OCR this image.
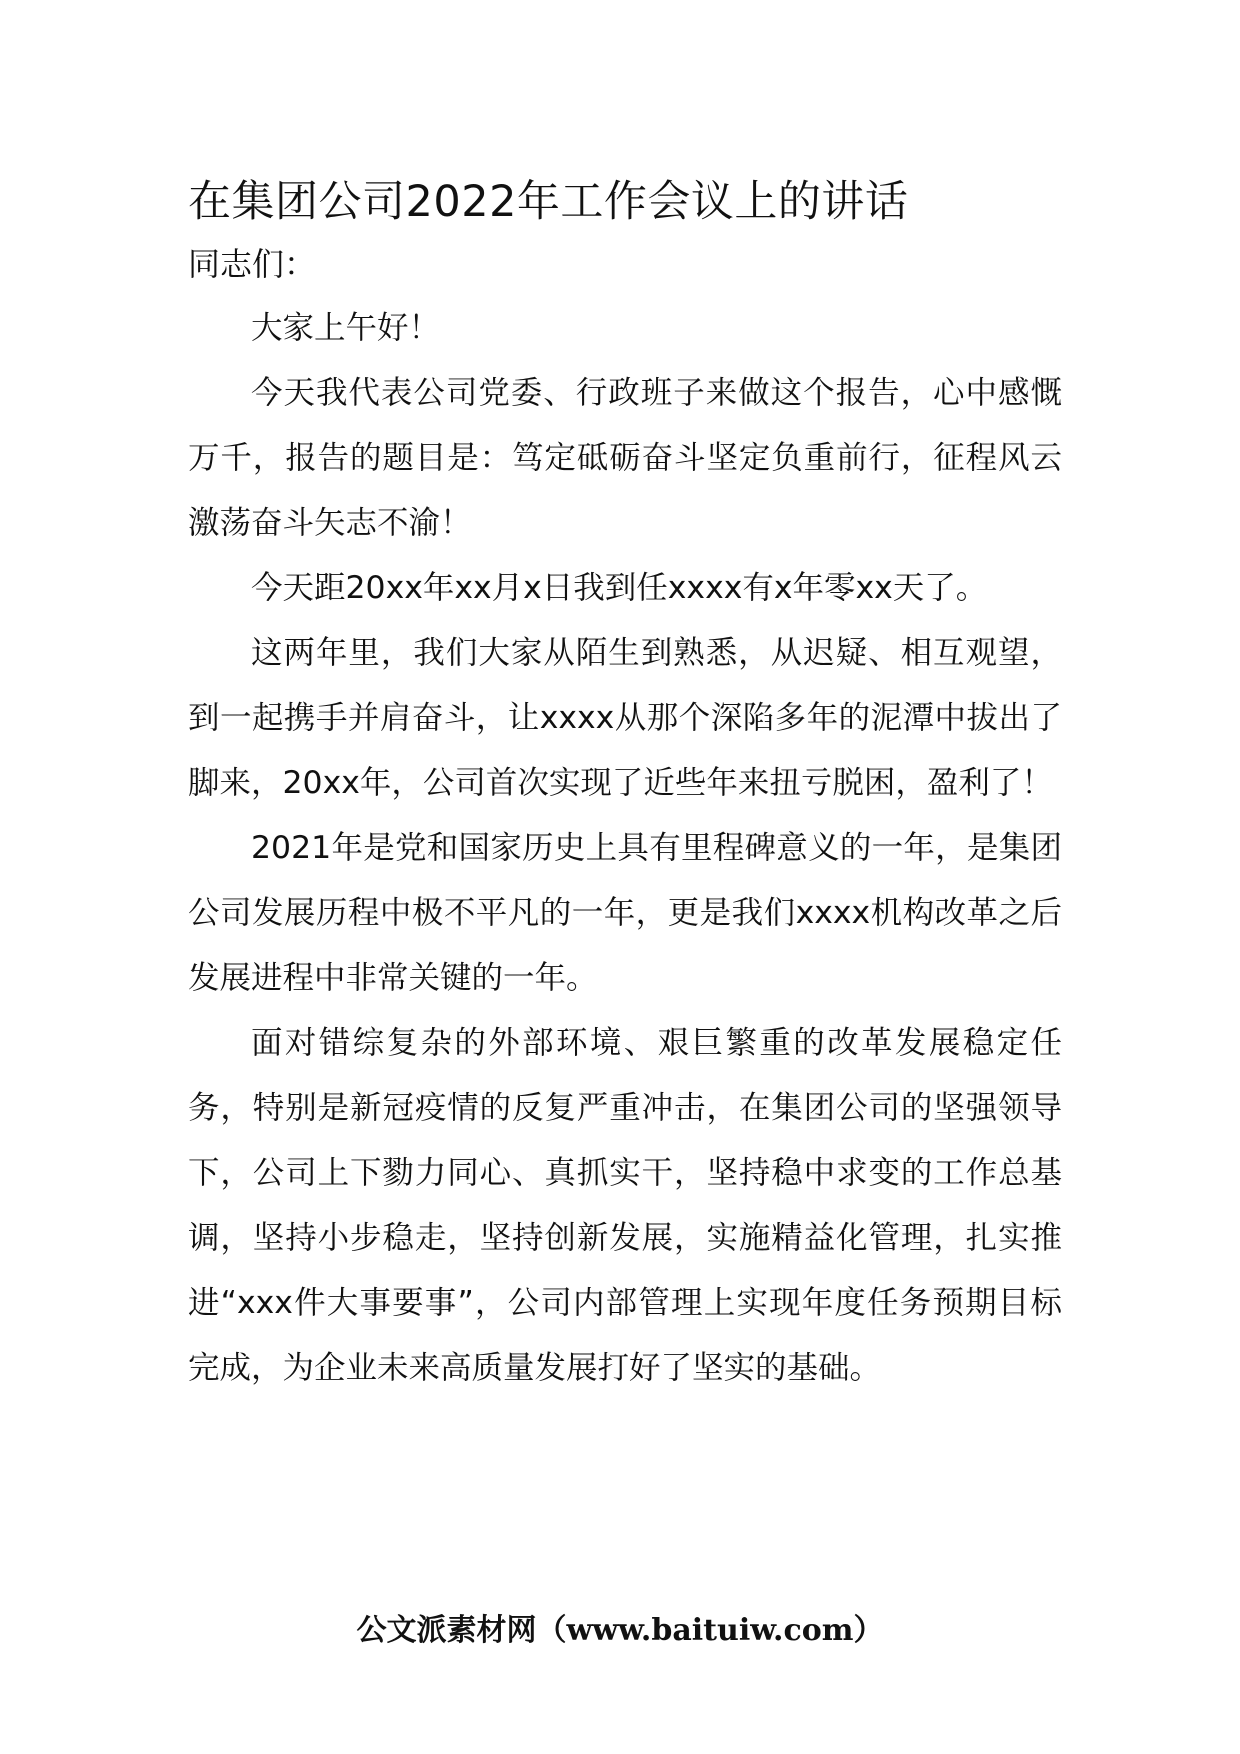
在集团公司2022年工作会议上的讲话

同志们：

大家上午好！

今天我代表公司党委、行政班子来做这个报告，心中感慨万千，报告的题目是：笃定砥砺奋斗坚定负重前行，征程风云激荡奋斗矢志不渝！

今天距20xx年xx月x日我到任xxxx有x年零xx天了。

这两年里，我们大家从陌生到熟悉，从迟疑、相互观望，到一起携手并肩奋斗，让xxxx从那个深陷多年的泥潭中拔出了脚来，20xx年，公司首次实现了近些年来扭亏脱困，盈利了！

2021年是党和国家历史上具有里程碑意义的一年，是集团公司发展历程中极不平凡的一年，更是我们xxxx机构改革之后发展进程中非常关键的一年。

面对错综复杂的外部环境、艰巨繁重的改革发展稳定任务，特别是新冠疫情的反复严重冲击，在集团公司的坚强领导下，公司上下勠力同心、真抓实干，坚持稳中求变的工作总基调，坚持小步稳走，坚持创新发展，实施精益化管理，扎实推进“xxx件大事要事”，公司内部管理上实现年度任务预期目标完成，为企业未来高质量发展打好了坚实的基础。

公文派素材网（www.baituiw.com）
